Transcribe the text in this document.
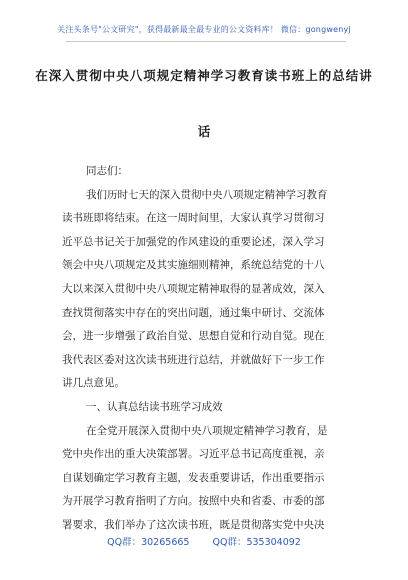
关注头条号"公文研究"，获得最新最全最专业的公文资料库！ 微信：gongwenyj
在深入贯彻中央八项规定精神学习教育读书班上的总结讲
话

同志们：

我们历时七天的深入贯彻中央八项规定精神学习教育

读书班即将结束。在这一周时间里，大家认真学习贯彻习

近平总书记关于加强党的作风建设的重要论述，深入学习

领会中央八项规定及其实施细则精神，系统总结党的十八

大以来深入贯彻中央八项规定精神取得的显著成效，深入

查找贯彻落实中存在的突出问题，通过集中研讨、交流体

会，进一步增强了政治自觉、思想自觉和行动自觉。现在

我代表区委对这次读书班进行总结，并就做好下一步工作

讲几点意见。

一、认真总结读书班学习成效

在全党开展深入贯彻中央八项规定精神学习教育，是

党中央作出的重大决策部署。习近平总书记高度重视，亲

自谋划确定学习教育主题，发表重要讲话，作出重要指示

为开展学习教育指明了方向。按照中央和省委、市委的部

署要求，我们举办了这次读书班，既是贯彻落实党中央决

QQ群：30265665 QQ群：535304092
